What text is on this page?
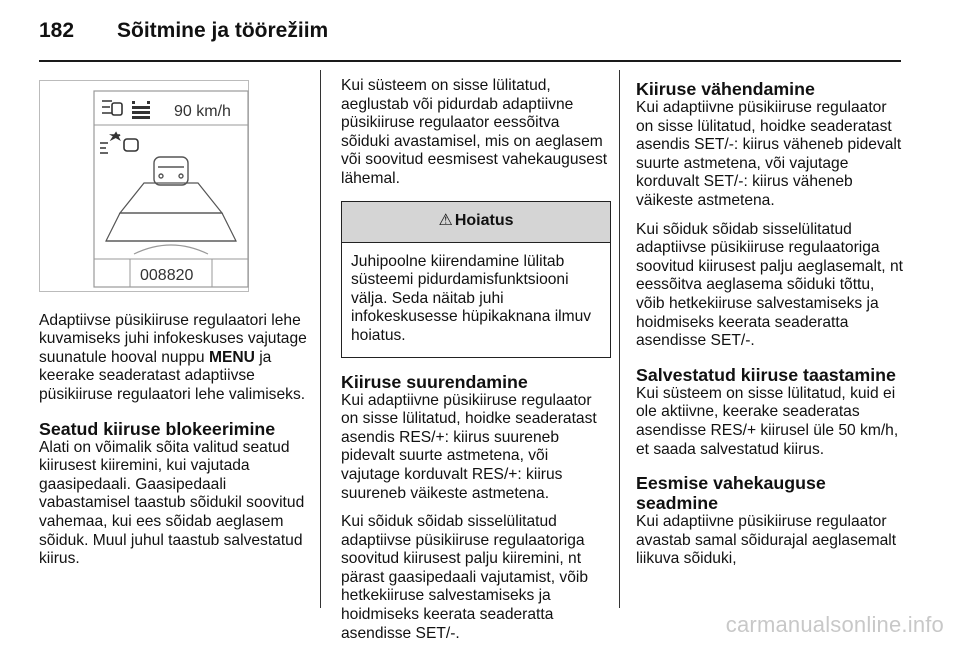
182	Sõitmine ja töörežiim
90 km/h
008820

Adaptiivse püsikiiruse regulaatori lehe kuvamiseks juhi infokeskuses vajutage suunatule hooval nuppu MENU ja keerake seaderatast adaptiivse püsikiiruse regulaatori lehe valimiseks.

Seatud kiiruse blokeerimine

Alati on võimalik sõita valitud seatud kiirusest kiiremini, kui vajutada gaasipedaali. Gaasipedaali vabastamisel taastub sõidukil soovitud vahemaa, kui ees sõidab aeglasem sõiduk. Muul juhul taastub salvestatud kiirus.

Kui süsteem on sisse lülitatud, aeglustab või pidurdab adaptiivne püsikiiruse regulaator eessõitva sõiduki avastamisel, mis on aeglasem või soovitud eesmisest vahekaugusest lähemal.

⚠ Hoiatus
Juhipoolne kiirendamine lülitab süsteemi pidurdamisfunktsiooni välja. Seda näitab juhi infokeskusesse hüpikaknana ilmuv hoiatus.
Kiiruse suurendamine

Kui adaptiivne püsikiiruse regulaator on sisse lülitatud, hoidke seaderatast asendis RES/+: kiirus suureneb pidevalt suurte astmetena, või vajutage korduvalt RES/+: kiirus suureneb väikeste astmetena.

Kui sõiduk sõidab sisselülitatud adaptiivse püsikiiruse regulaatoriga soovitud kiirusest palju kiiremini, nt pärast gaasipedaali vajutamist, võib hetkekiiruse salvestamiseks ja hoidmiseks keerata seaderatta asendisse SET/-.

Kiiruse vähendamine

Kui adaptiivne püsikiiruse regulaator on sisse lülitatud, hoidke seaderatast asendis SET/-: kiirus väheneb pidevalt suurte astmetena, või vajutage korduvalt SET/-: kiirus väheneb väikeste astmetena.

Kui sõiduk sõidab sisselülitatud adaptiivse püsikiiruse regulaatoriga soovitud kiirusest palju aeglasemalt, nt eessõitva aeglasema sõiduki tõttu, võib hetkekiiruse salvestamiseks ja hoidmiseks keerata seaderatta asendisse SET/-.

Salvestatud kiiruse taastamine

Kui süsteem on sisse lülitatud, kuid ei ole aktiivne, keerake seaderatas asendisse RES/+ kiirusel üle 50 km/h, et saada salvestatud kiirus.

Eesmise vahekauguse seadmine

Kui adaptiivne püsikiiruse regulaator avastab samal sõidurajal aeglasemalt liikuva sõiduki,

carmanualsonline.info
